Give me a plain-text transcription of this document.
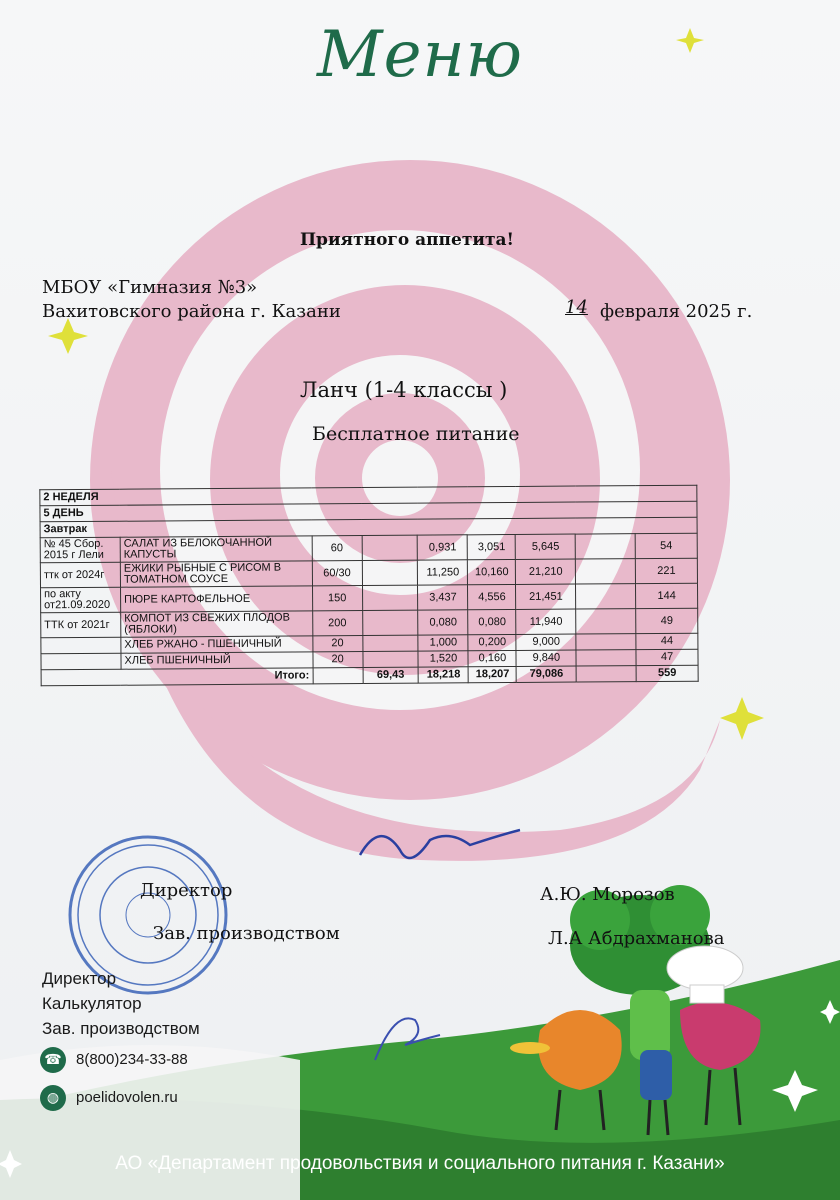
Меню
Приятного аппетита!
МБОУ «Гимназия №3»
Вахитовского района г. Казани	14 февраля 2025 г.
Ланч (1-4 классы )
Бесплатное питание
2 НЕДЕЛЯ								
5 ДЕНЬ								
Завтрак								
№ 45 Сбор. 2015 г Лели	САЛАТ ИЗ БЕЛОКОЧАННОЙ КАПУСТЫ	60		0,931	3,051	5,645		54
ттк от 2024г	ЕЖИКИ РЫБНЫЕ С РИСОМ В ТОМАТНОМ СОУСЕ	60/30		11,250	10,160	21,210		221
по акту от21.09.2020	ПЮРЕ КАРТОФЕЛЬНОЕ	150		3,437	4,556	21,451		144
ТТК от 2021г	КОМПОТ ИЗ СВЕЖИХ ПЛОДОВ (ЯБЛОКИ)	200		0,080	0,080	11,940		49
	ХЛЕБ РЖАНО - ПШЕНИЧНЫЙ	20		1,000	0,200	9,000		44
	ХЛЕБ ПШЕНИЧНЫЙ	20		1,520	0,160	9,840		47
Итого:			69,43	18,218	18,207	79,086		559
Директор
Зав. производством
А.Ю. Морозов
Л.А Абдрахманова
Директор
Калькулятор
Зав. производством
☎ 8(800)234-33-88
◍	poelidovolen.ru
АО «Департамент продовольствия и социального питания г. Казани»
